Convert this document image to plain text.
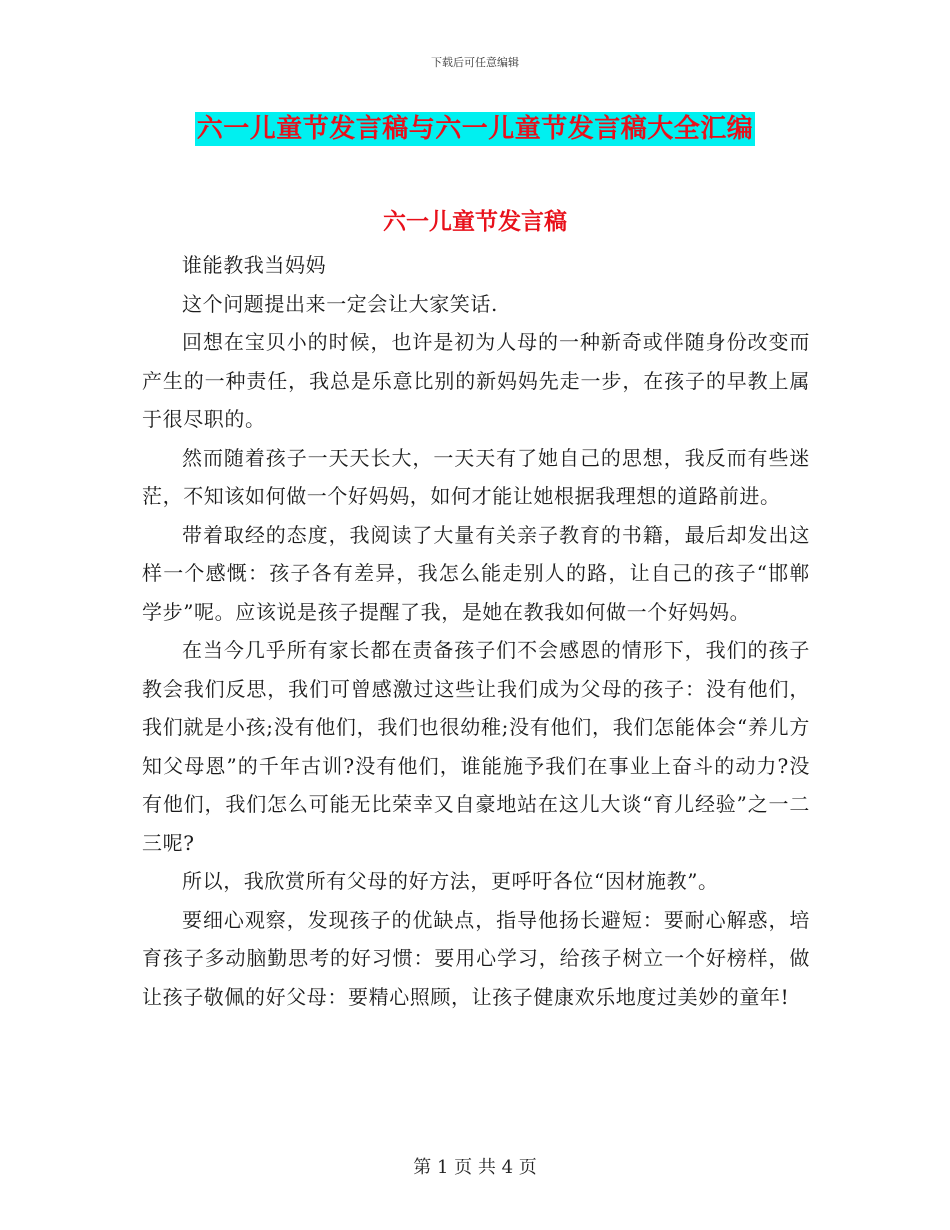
下载后可任意编辑
六一儿童节发言稿与六一儿童节发言稿大全汇编
六一儿童节发言稿

谁能教我当妈妈

这个问题提出来一定会让大家笑话.

回想在宝贝小的时候，也许是初为人母的一种新奇或伴随身份改变而产生的一种责任，我总是乐意比别的新妈妈先走一步，在孩子的早教上属于很尽职的。

然而随着孩子一天天长大，一天天有了她自己的思想，我反而有些迷茫，不知该如何做一个好妈妈，如何才能让她根据我理想的道路前进。

带着取经的态度，我阅读了大量有关亲子教育的书籍，最后却发出这样一个感慨：孩子各有差异，我怎么能走别人的路，让自己的孩子“邯郸学步”呢。应该说是孩子提醒了我，是她在教我如何做一个好妈妈。

在当今几乎所有家长都在责备孩子们不会感恩的情形下，我们的孩子教会我们反思，我们可曾感激过这些让我们成为父母的孩子：没有他们，我们就是小孩;没有他们，我们也很幼稚;没有他们，我们怎能体会“养儿方知父母恩”的千年古训?没有他们，谁能施予我们在事业上奋斗的动力?没有他们，我们怎么可能无比荣幸又自豪地站在这儿大谈“育儿经验”之一二三呢?

所以，我欣赏所有父母的好方法，更呼吁各位“因材施教”。

要细心观察，发现孩子的优缺点，指导他扬长避短：要耐心解惑，培育孩子多动脑勤思考的好习惯：要用心学习，给孩子树立一个好榜样，做让孩子敬佩的好父母：要精心照顾，让孩子健康欢乐地度过美妙的童年!

第 1 页 共 4 页
